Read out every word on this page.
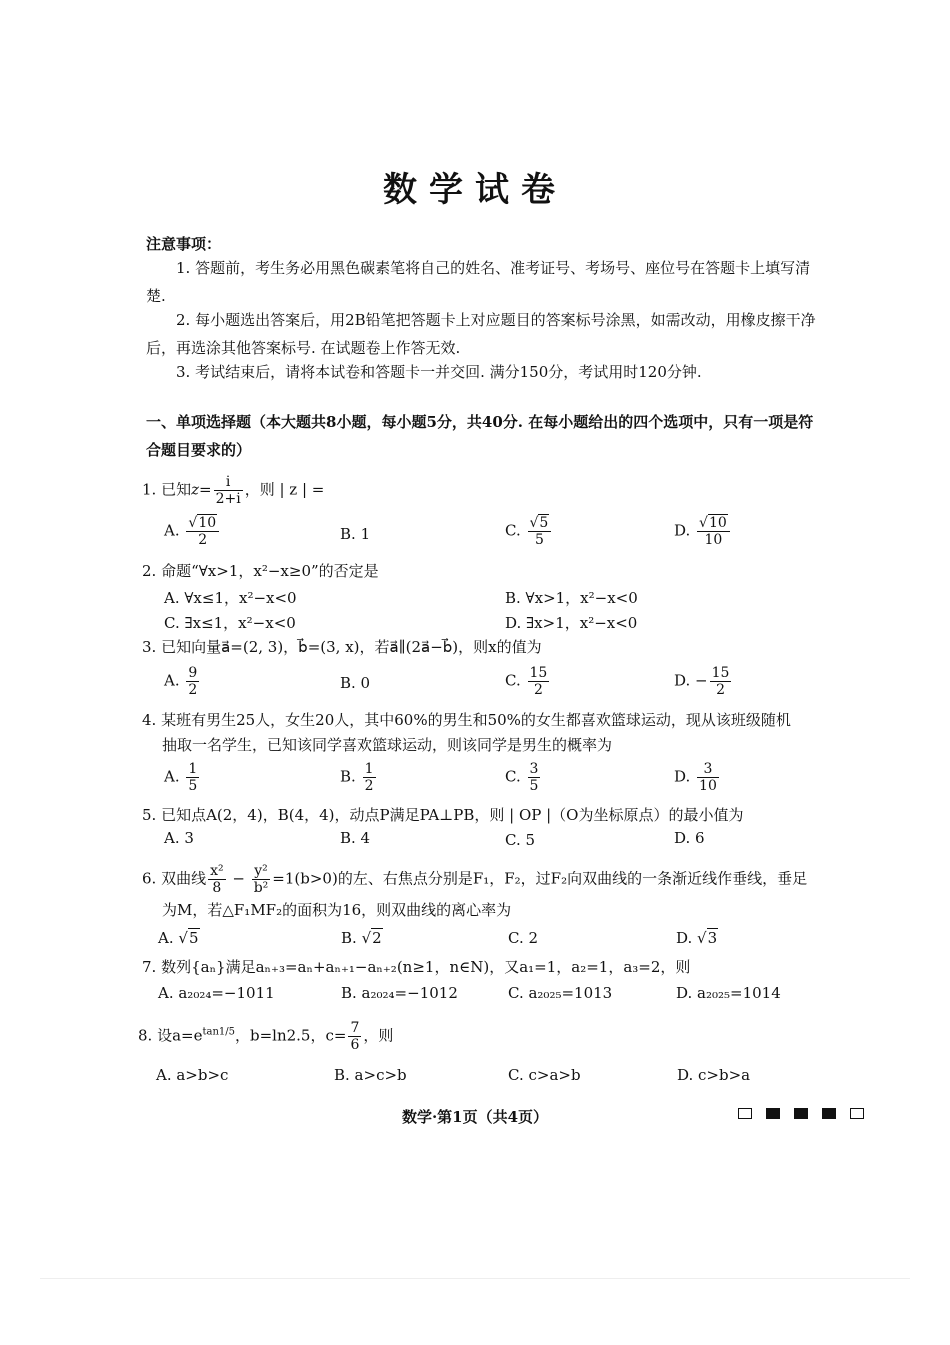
数学试卷
注意事项：
1. 答题前，考生务必用黑色碳素笔将自己的姓名、准考证号、考场号、座位号在答题卡上填写清楚.
2. 每小题选出答案后，用2B铅笔把答题卡上对应题目的答案标号涂黑，如需改动，用橡皮擦干净后，再选涂其他答案标号. 在试题卷上作答无效.
3. 考试结束后，请将本试卷和答题卡一并交回. 满分150分，考试用时120分钟.
一、单项选择题（本大题共8小题，每小题5分，共40分. 在每小题给出的四个选项中，只有一项是符合题目要求的）
1. 已知$z= \frac{i}{2+i}$ ，则 | z | =
A. $\frac{√10}{2}$	B. 1	C. $\frac{√5}{5}$	D. $\frac{√10}{10}$
2. 命题“∀x>1，x²−x≥0”的否定是
A. ∀x≤1，x²−x<0	B. ∀x>1，x²−x<0
C. ∃x≤1，x²−x<0	D. ∃x>1，x²−x<0
3. 已知向量a⃗=(2, 3)，b⃗=(3, x)，若a⃗∥(2a⃗−b⃗)，则x的值为
A. $\frac{9}{2}$	B. 0	C. $\frac{15}{2}$	D. − $\frac{15}{2}$
4. 某班有男生25人，女生20人，其中60%的男生和50%的女生都喜欢篮球运动，现从该班级随机
抽取一名学生，已知该同学喜欢篮球运动，则该同学是男生的概率为
A. $\frac{1}{5}$	B. $\frac{1}{2}$	C. $\frac{3}{5}$	D. $\frac{3}{10}$
5. 已知点A(2，4)，B(4，4)，动点P满足PA⊥PB，则 | OP |（O为坐标原点）的最小值为
A. 3	B. 4	C. 5	D. 6
6. 双曲线 $\frac{\text{x²}}{8} - \frac{\text{y²}}{\text{b²}} =1(b>0)$的左、右焦点分别是F₁，F₂，过F₂向双曲线的一条渐近线作垂线，垂足
为M，若△F₁MF₂的面积为16，则双曲线的离心率为
A. √5	B. √2	C. 2	D. √3
7. 数列{aₙ}满足aₙ₊₃=aₙ+aₙ₊₁−aₙ₊₂(n≥1，n∈N)，又a₁=1，a₂=1，a₃=2，则
A. a₂₀₂₄=−1011	B. a₂₀₂₄=−1012	C. a₂₀₂₅=1013	D. a₂₀₂₅=1014
8. 设$a=e^{tan1/5}$，b=ln2.5，$c= \frac{7}{6}$ ，则
A. a>b>c	B. a>c>b	C. c>a>b	D. c>b>a
数学·第1页（共4页）
